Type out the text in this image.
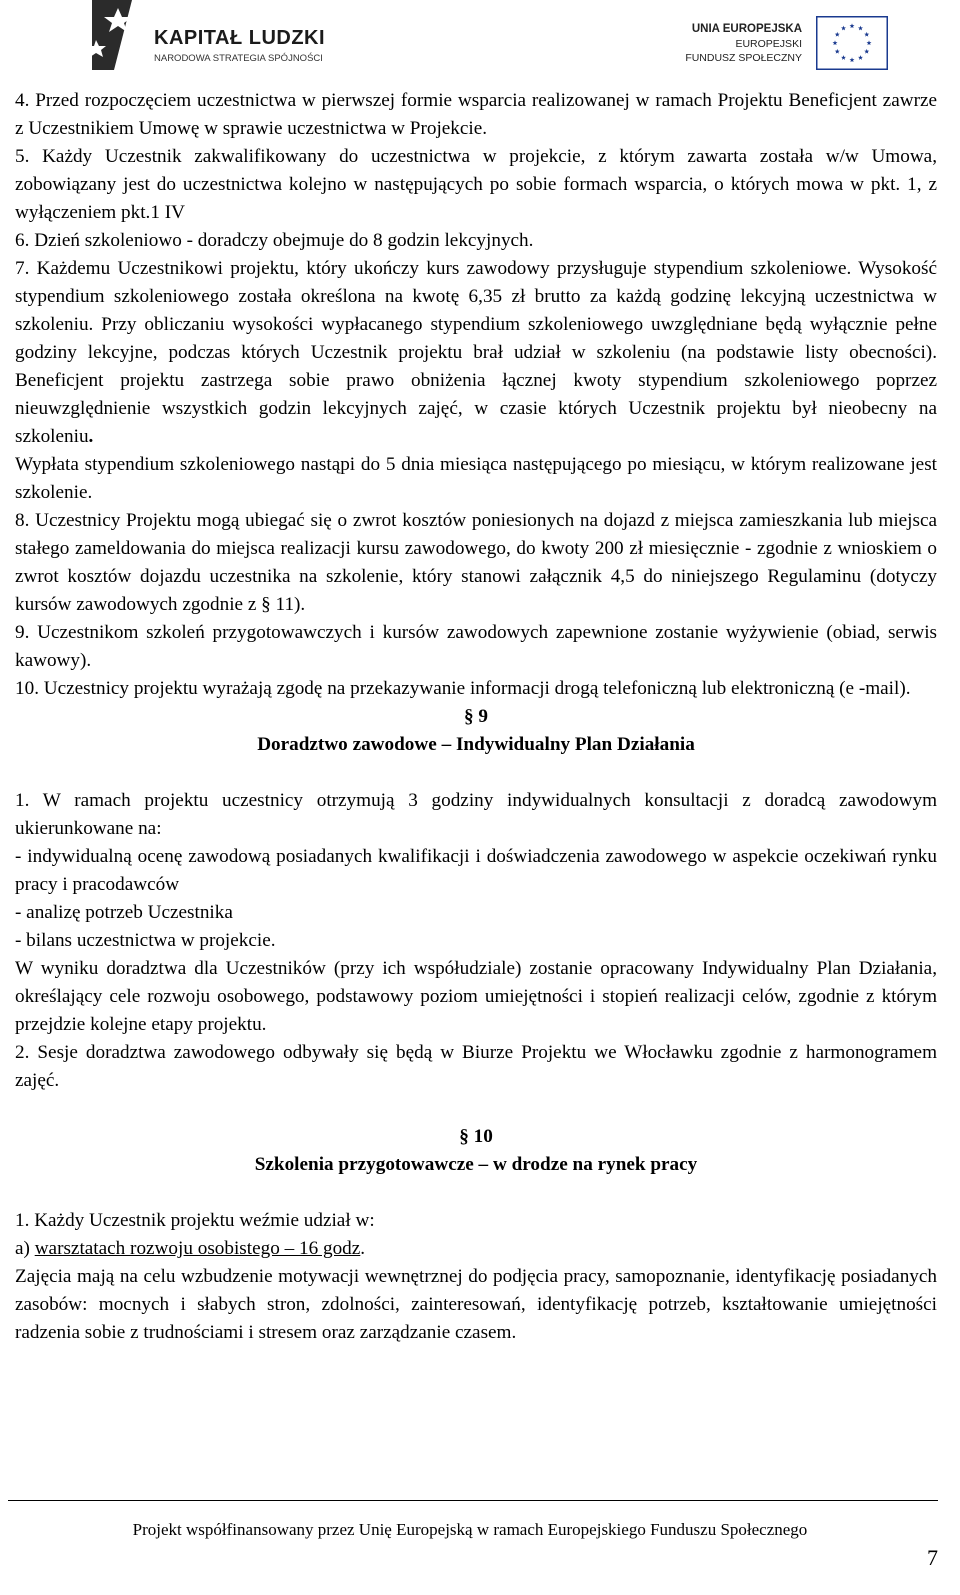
KAPITAŁ LUDZKI
NARODOWA STRATEGIA SPÓJNOŚCI
UNIA EUROPEJSKA
EUROPEJSKI
FUNDUSZ SPOŁECZNY

4. Przed rozpoczęciem uczestnictwa w pierwszej formie wsparcia realizowanej w ramach Projektu Beneficjent zawrze z Uczestnikiem Umowę w sprawie uczestnictwa w Projekcie.

5. Każdy Uczestnik zakwalifikowany do uczestnictwa w projekcie, z którym zawarta została w/w Umowa, zobowiązany jest do uczestnictwa kolejno w następujących po sobie formach wsparcia, o których mowa w pkt. 1, z wyłączeniem pkt.1 IV

6. Dzień szkoleniowo - doradczy obejmuje do 8 godzin lekcyjnych.

7. Każdemu Uczestnikowi projektu, który ukończy kurs zawodowy przysługuje stypendium szkoleniowe. Wysokość stypendium szkoleniowego została określona na kwotę 6,35 zł brutto za każdą godzinę lekcyjną uczestnictwa w szkoleniu. Przy obliczaniu wysokości wypłacanego stypendium szkoleniowego uwzględniane będą wyłącznie pełne godziny lekcyjne, podczas których Uczestnik projektu brał udział w szkoleniu (na podstawie listy obecności). Beneficjent projektu zastrzega sobie prawo obniżenia łącznej kwoty stypendium szkoleniowego poprzez nieuwzględnienie wszystkich godzin lekcyjnych zajęć, w czasie których Uczestnik projektu był nieobecny na szkoleniu.

Wypłata stypendium szkoleniowego nastąpi do 5 dnia miesiąca następującego po miesiącu, w którym realizowane jest szkolenie.

8. Uczestnicy Projektu mogą ubiegać się o zwrot kosztów poniesionych na dojazd z miejsca zamieszkania lub miejsca stałego zameldowania do miejsca realizacji kursu zawodowego, do kwoty 200 zł miesięcznie - zgodnie z wnioskiem o zwrot kosztów dojazdu uczestnika na szkolenie, który stanowi załącznik 4,5 do niniejszego Regulaminu (dotyczy kursów zawodowych zgodnie z § 11).

9. Uczestnikom szkoleń przygotowawczych i kursów zawodowych zapewnione zostanie wyżywienie (obiad, serwis kawowy).

10. Uczestnicy projektu wyrażają zgodę na przekazywanie informacji drogą telefoniczną lub elektroniczną (e -mail).

§ 9

Doradztwo zawodowe – Indywidualny Plan Działania

1. W ramach projektu uczestnicy otrzymują 3 godziny indywidualnych konsultacji z doradcą zawodowym ukierunkowane na:

- indywidualną ocenę zawodową posiadanych kwalifikacji i doświadczenia zawodowego w aspekcie oczekiwań rynku pracy i pracodawców

- analizę potrzeb Uczestnika

- bilans uczestnictwa w projekcie.

W wyniku doradztwa dla Uczestników (przy ich współudziale) zostanie opracowany Indywidualny Plan Działania, określający cele rozwoju osobowego, podstawowy poziom umiejętności i stopień realizacji celów, zgodnie z którym przejdzie kolejne etapy projektu.

2. Sesje doradztwa zawodowego odbywały się będą w Biurze Projektu we Włocławku zgodnie z harmonogramem zajęć.

§ 10

Szkolenia przygotowawcze – w drodze na rynek pracy

1. Każdy Uczestnik projektu weźmie udział w:

a) warsztatach rozwoju osobistego – 16 godz.

Zajęcia mają na celu wzbudzenie motywacji wewnętrznej do podjęcia pracy, samopoznanie, identyfikację posiadanych zasobów: mocnych i słabych stron, zdolności, zainteresowań, identyfikację potrzeb, kształtowanie umiejętności radzenia sobie z trudnościami i stresem oraz zarządzanie czasem.

Projekt współfinansowany przez Unię Europejską w ramach Europejskiego Funduszu Społecznego
7
